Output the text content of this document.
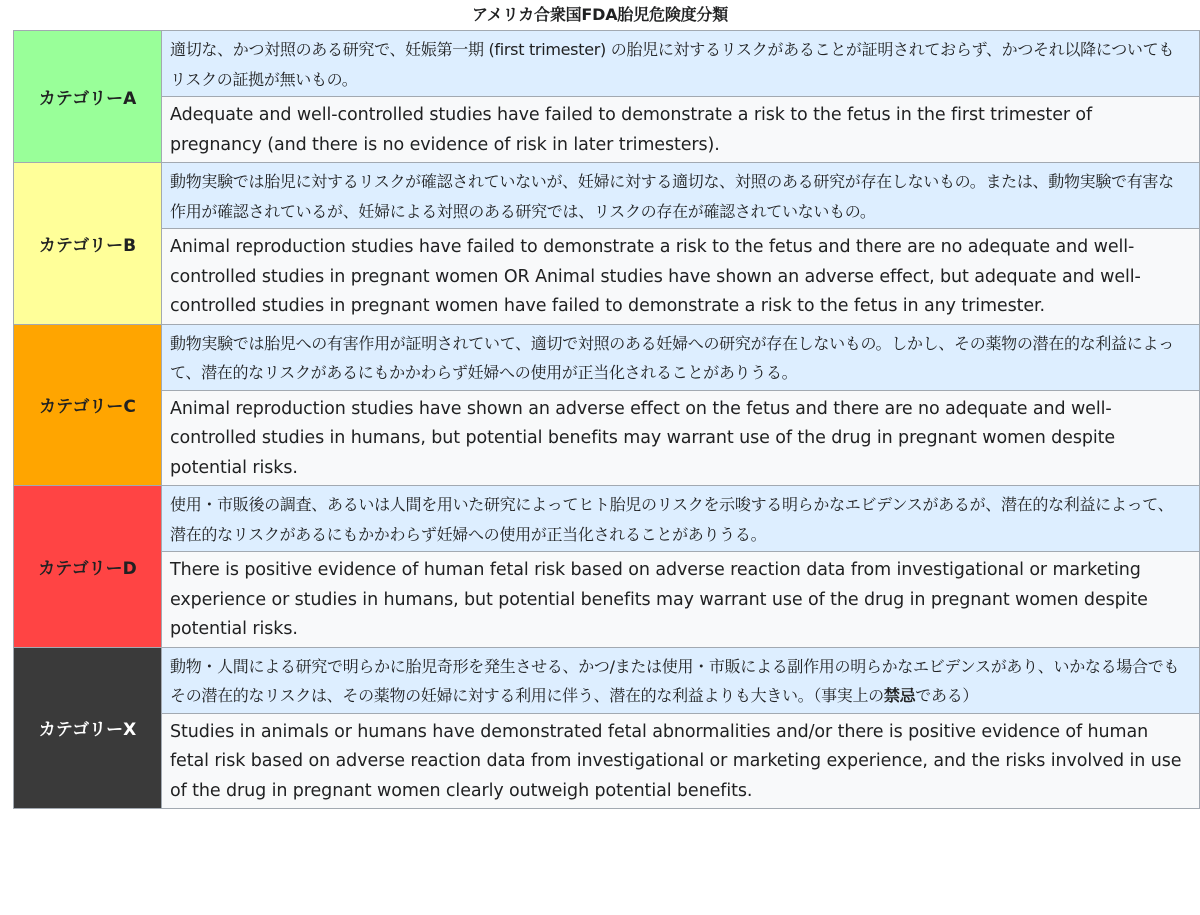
アメリカ合衆国FDA胎児危険度分類
カテゴリーA	適切な、かつ対照のある研究で、妊娠第一期 (first trimester) の胎児に対するリスクがあることが証明されておらず、かつそれ以降についてもリスクの証拠が無いもの。
	Adequate and well-controlled studies have failed to demonstrate a risk to the fetus in the first trimester of pregnancy (and there is no evidence of risk in later trimesters).
カテゴリーB	動物実験では胎児に対するリスクが確認されていないが、妊婦に対する適切な、対照のある研究が存在しないもの。または、動物実験で有害な作用が確認されているが、妊婦による対照のある研究では、リスクの存在が確認されていないもの。
	Animal reproduction studies have failed to demonstrate a risk to the fetus and there are no adequate and well-controlled studies in pregnant women OR Animal studies have shown an adverse effect, but adequate and well-controlled studies in pregnant women have failed to demonstrate a risk to the fetus in any trimester.
カテゴリーC	動物実験では胎児への有害作用が証明されていて、適切で対照のある妊婦への研究が存在しないもの。しかし、その薬物の潜在的な利益によって、潜在的なリスクがあるにもかかわらず妊婦への使用が正当化されることがありうる。
	Animal reproduction studies have shown an adverse effect on the fetus and there are no adequate and well-controlled studies in humans, but potential benefits may warrant use of the drug in pregnant women despite potential risks.
カテゴリーD	使用・市販後の調査、あるいは人間を用いた研究によってヒト胎児のリスクを示唆する明らかなエビデンスがあるが、潜在的な利益によって、潜在的なリスクがあるにもかかわらず妊婦への使用が正当化されることがありうる。
	There is positive evidence of human fetal risk based on adverse reaction data from investigational or marketing experience or studies in humans, but potential benefits may warrant use of the drug in pregnant women despite potential risks.
カテゴリーX	動物・人間による研究で明らかに胎児奇形を発生させる、かつ/または使用・市販による副作用の明らかなエビデンスがあり、いかなる場合でもその潜在的なリスクは、その薬物の妊婦に対する利用に伴う、潜在的な利益よりも大きい。（事実上の禁忌である）
	Studies in animals or humans have demonstrated fetal abnormalities and/or there is positive evidence of human fetal risk based on adverse reaction data from investigational or marketing experience, and the risks involved in use of the drug in pregnant women clearly outweigh potential benefits.
